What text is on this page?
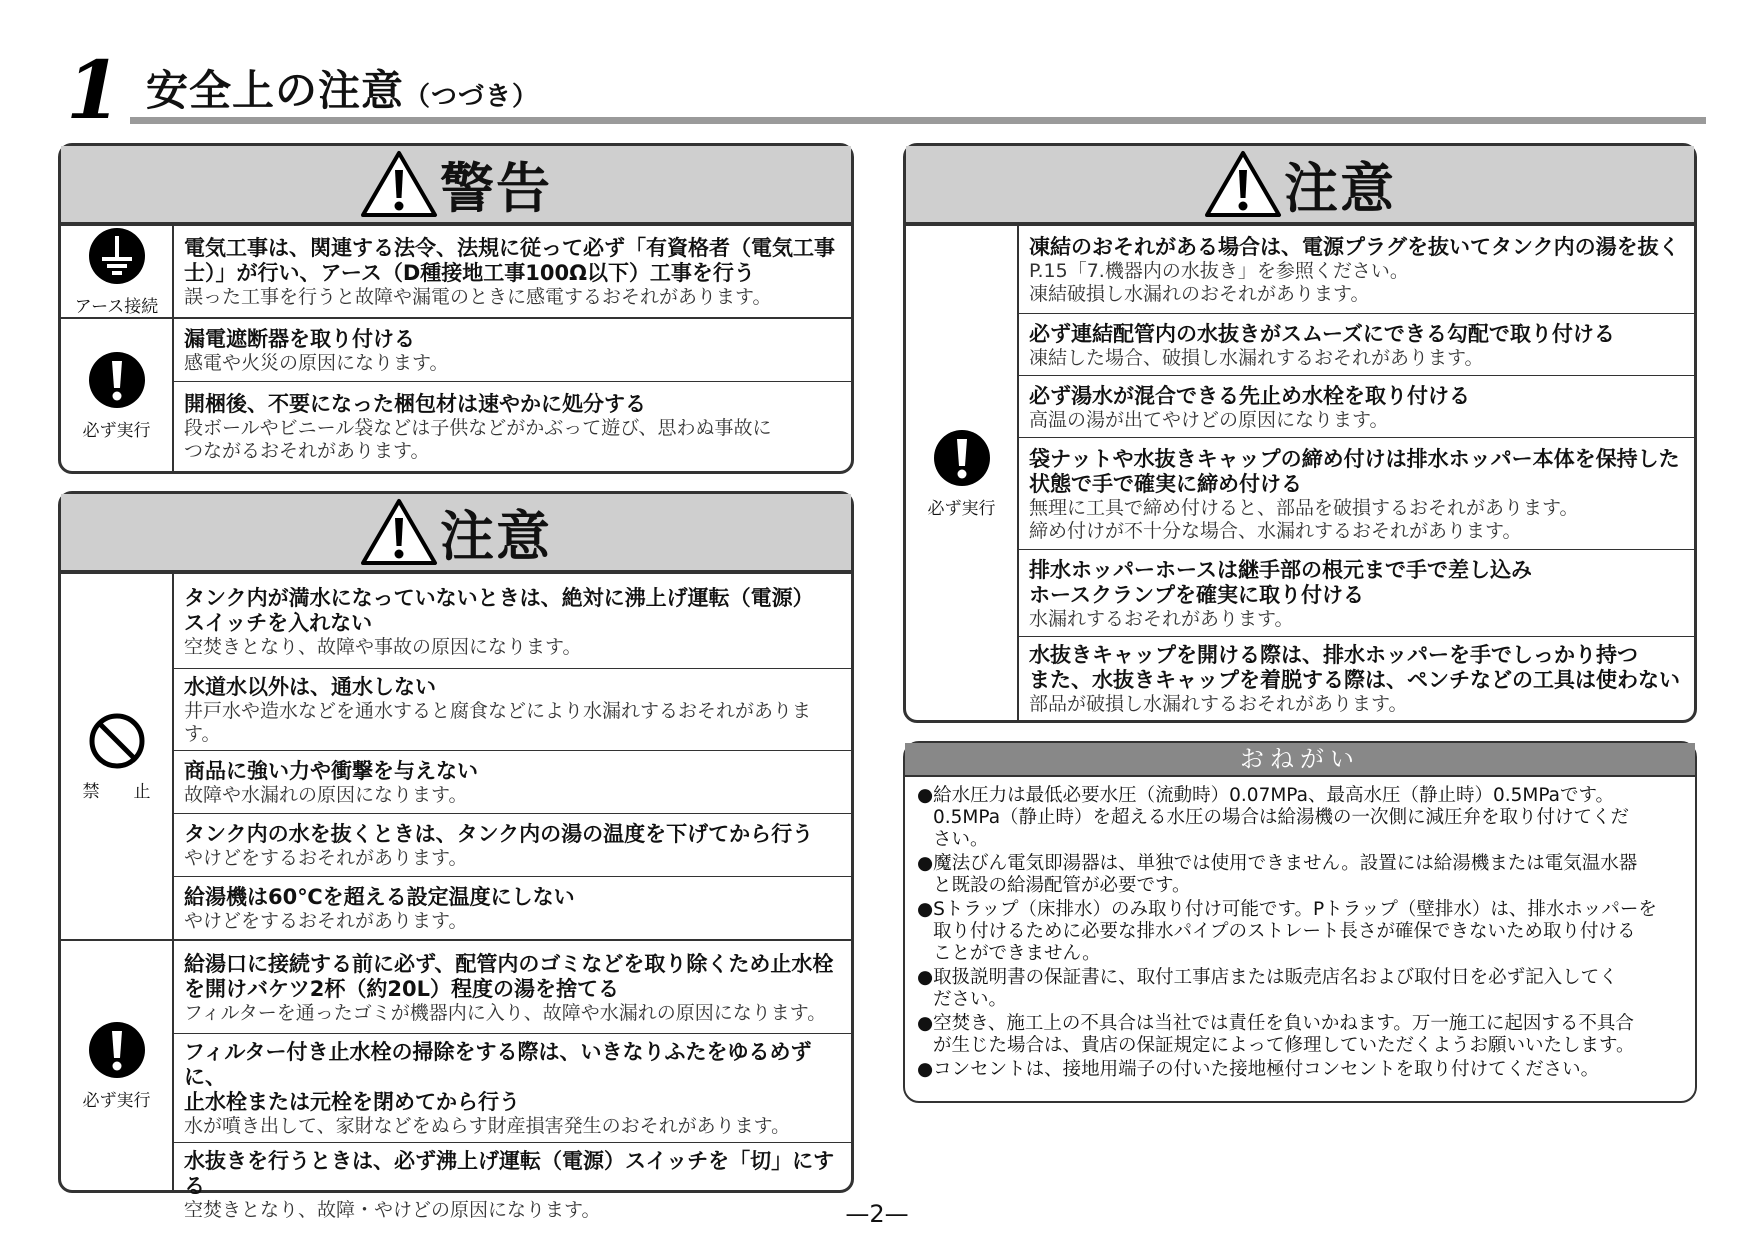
1 安全上の注意（つづき）
警告
アース接続
電気工事は、関連する法令、法規に従って必ず「有資格者（電気工事
士）」が行い、アース（D種接地工事100Ω以下）工事を行う
誤った工事を行うと故障や漏電のときに感電するおそれがあります。
必ず実行
漏電遮断器を取り付ける
感電や火災の原因になります。
開梱後、不要になった梱包材は速やかに処分する
段ボールやビニール袋などは子供などがかぶって遊び、思わぬ事故に
つながるおそれがあります。
注意
禁　　止
タンク内が満水になっていないときは、絶対に沸上げ運転（電源）
スイッチを入れない
空焚きとなり、故障や事故の原因になります。
水道水以外は、通水しない
井戸水や造水などを通水すると腐食などにより水漏れするおそれがあります。
商品に強い力や衝撃を与えない
故障や水漏れの原因になります。
タンク内の水を抜くときは、タンク内の湯の温度を下げてから行う
やけどをするおそれがあります。
給湯機は60℃を超える設定温度にしない
やけどをするおそれがあります。
必ず実行
給湯口に接続する前に必ず、配管内のゴミなどを取り除くため止水栓
を開けバケツ2杯（約20L）程度の湯を捨てる
フィルターを通ったゴミが機器内に入り、故障や水漏れの原因になります。
フィルター付き止水栓の掃除をする際は、いきなりふたをゆるめずに、
止水栓または元栓を閉めてから行う
水が噴き出して、家財などをぬらす財産損害発生のおそれがあります。
水抜きを行うときは、必ず沸上げ運転（電源）スイッチを「切」にする
空焚きとなり、故障・やけどの原因になります。
注意
必ず実行
凍結のおそれがある場合は、電源プラグを抜いてタンク内の湯を抜く
P.15「7.機器内の水抜き」を参照ください。
凍結破損し水漏れのおそれがあります。
必ず連結配管内の水抜きがスムーズにできる勾配で取り付ける
凍結した場合、破損し水漏れするおそれがあります。
必ず湯水が混合できる先止め水栓を取り付ける
高温の湯が出てやけどの原因になります。
袋ナットや水抜きキャップの締め付けは排水ホッパー本体を保持した
状態で手で確実に締め付ける
無理に工具で締め付けると、部品を破損するおそれがあります。
締め付けが不十分な場合、水漏れするおそれがあります。
排水ホッパーホースは継手部の根元まで手で差し込み
ホースクランプを確実に取り付ける
水漏れするおそれがあります。
水抜きキャップを開ける際は、排水ホッパーを手でしっかり持つ
また、水抜きキャップを着脱する際は、ペンチなどの工具は使わない
部品が破損し水漏れするおそれがあります。
おねがい
●給水圧力は最低必要水圧（流動時）0.07MPa、最高水圧（静止時）0.5MPaです。
0.5MPa（静止時）を超える水圧の場合は給湯機の一次側に減圧弁を取り付けてくだ
さい。
●魔法びん電気即湯器は、単独では使用できません。設置には給湯機または電気温水器
と既設の給湯配管が必要です。
●Sトラップ（床排水）のみ取り付け可能です。Pトラップ（壁排水）は、排水ホッパーを
取り付けるために必要な排水パイプのストレート長さが確保できないため取り付ける
ことができません。
●取扱説明書の保証書に、取付工事店または販売店名および取付日を必ず記入してく
ださい。
●空焚き、施工上の不具合は当社では責任を負いかねます。万一施工に起因する不具合
が生じた場合は、貴店の保証規定によって修理していただくようお願いいたします。
●コンセントは、接地用端子の付いた接地極付コンセントを取り付けてください。
—2—
